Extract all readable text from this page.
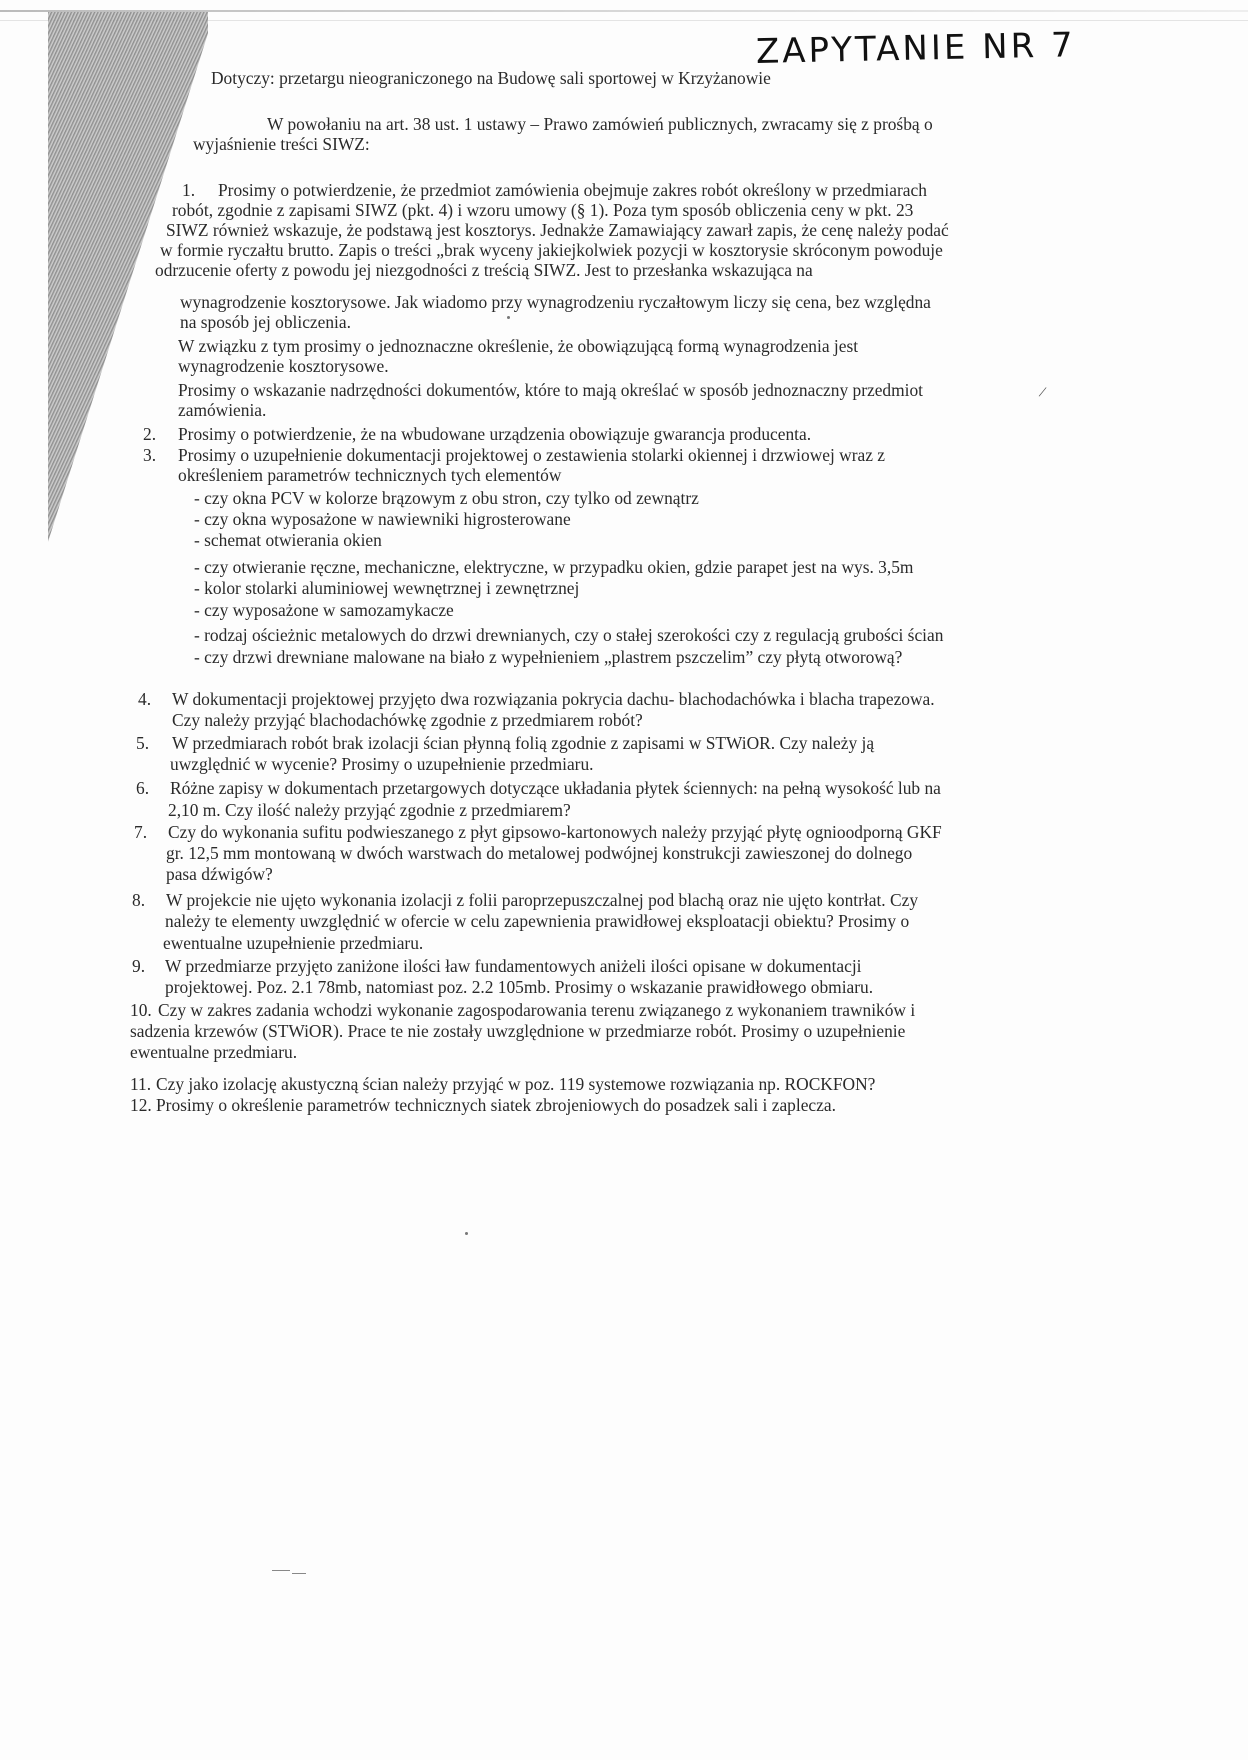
ZAPYTANIE NR 7
Dotyczy: przetargu nieograniczonego na Budowę sali sportowej w Krzyżanowie
W powołaniu na art. 38 ust. 1 ustawy – Prawo zamówień publicznych, zwracamy się z prośbą o
wyjaśnienie treści SIWZ:
1. Prosimy o potwierdzenie, że przedmiot zamówienia obejmuje zakres robót określony w przedmiarach
robót, zgodnie z zapisami SIWZ (pkt. 4) i wzoru umowy (§ 1). Poza tym sposób obliczenia ceny w pkt. 23
SIWZ również wskazuje, że podstawą jest kosztorys. Jednakże Zamawiający zawarł zapis, że cenę należy podać
w formie ryczałtu brutto. Zapis o treści „brak wyceny jakiejkolwiek pozycji w kosztorysie skróconym powoduje
odrzucenie oferty z powodu jej niezgodności z treścią SIWZ. Jest to przesłanka wskazująca na
wynagrodzenie kosztorysowe. Jak wiadomo przy wynagrodzeniu ryczałtowym liczy się cena, bez względna
na sposób jej obliczenia.
W związku z tym prosimy o jednoznaczne określenie, że obowiązującą formą wynagrodzenia jest
wynagrodzenie kosztorysowe.
Prosimy o wskazanie nadrzędności dokumentów, które to mają określać w sposób jednoznaczny przedmiot
zamówienia.
2. Prosimy o potwierdzenie, że na wbudowane urządzenia obowiązuje gwarancja producenta.
3. Prosimy o uzupełnienie dokumentacji projektowej o zestawienia stolarki okiennej i drzwiowej wraz z
określeniem parametrów technicznych tych elementów
- czy okna PCV w kolorze brązowym z obu stron, czy tylko od zewnątrz
- czy okna wyposażone w nawiewniki higrosterowane
- schemat otwierania okien
- czy otwieranie ręczne, mechaniczne, elektryczne, w przypadku okien, gdzie parapet jest na wys. 3,5m
- kolor stolarki aluminiowej wewnętrznej i zewnętrznej
- czy wyposażone w samozamykacze
- rodzaj ościeżnic metalowych do drzwi drewnianych, czy o stałej szerokości czy z regulacją grubości ścian
- czy drzwi drewniane malowane na biało z wypełnieniem „plastrem pszczelim” czy płytą otworową?
4. W dokumentacji projektowej przyjęto dwa rozwiązania pokrycia dachu- blachodachówka i blacha trapezowa.
Czy należy przyjąć blachodachówkę zgodnie z przedmiarem robót?
5. W przedmiarach robót brak izolacji ścian płynną folią zgodnie z zapisami w STWiOR. Czy należy ją
uwzględnić w wycenie? Prosimy o uzupełnienie przedmiaru.
6. Różne zapisy w dokumentach przetargowych dotyczące układania płytek ściennych: na pełną wysokość lub na
2,10 m. Czy ilość należy przyjąć zgodnie z przedmiarem?
7. Czy do wykonania sufitu podwieszanego z płyt gipsowo-kartonowych należy przyjąć płytę ognioodporną GKF
gr. 12,5 mm montowaną w dwóch warstwach do metalowej podwójnej konstrukcji zawieszonej do dolnego
pasa dźwigów?
8. W projekcie nie ujęto wykonania izolacji z folii paroprzepuszczalnej pod blachą oraz nie ujęto kontrłat. Czy
należy te elementy uwzględnić w ofercie w celu zapewnienia prawidłowej eksploatacji obiektu? Prosimy o
ewentualne uzupełnienie przedmiaru.
9. W przedmiarze przyjęto zaniżone ilości ław fundamentowych aniżeli ilości opisane w dokumentacji
projektowej. Poz. 2.1 78mb, natomiast poz. 2.2 105mb. Prosimy o wskazanie prawidłowego obmiaru.
10. Czy w zakres zadania wchodzi wykonanie zagospodarowania terenu związanego z wykonaniem trawników i
sadzenia krzewów (STWiOR). Prace te nie zostały uwzględnione w przedmiarze robót. Prosimy o uzupełnienie
ewentualne przedmiaru.
11. Czy jako izolację akustyczną ścian należy przyjąć w poz. 119 systemowe rozwiązania np. ROCKFON?
12. Prosimy o określenie parametrów technicznych siatek zbrojeniowych do posadzek sali i zaplecza.
/
